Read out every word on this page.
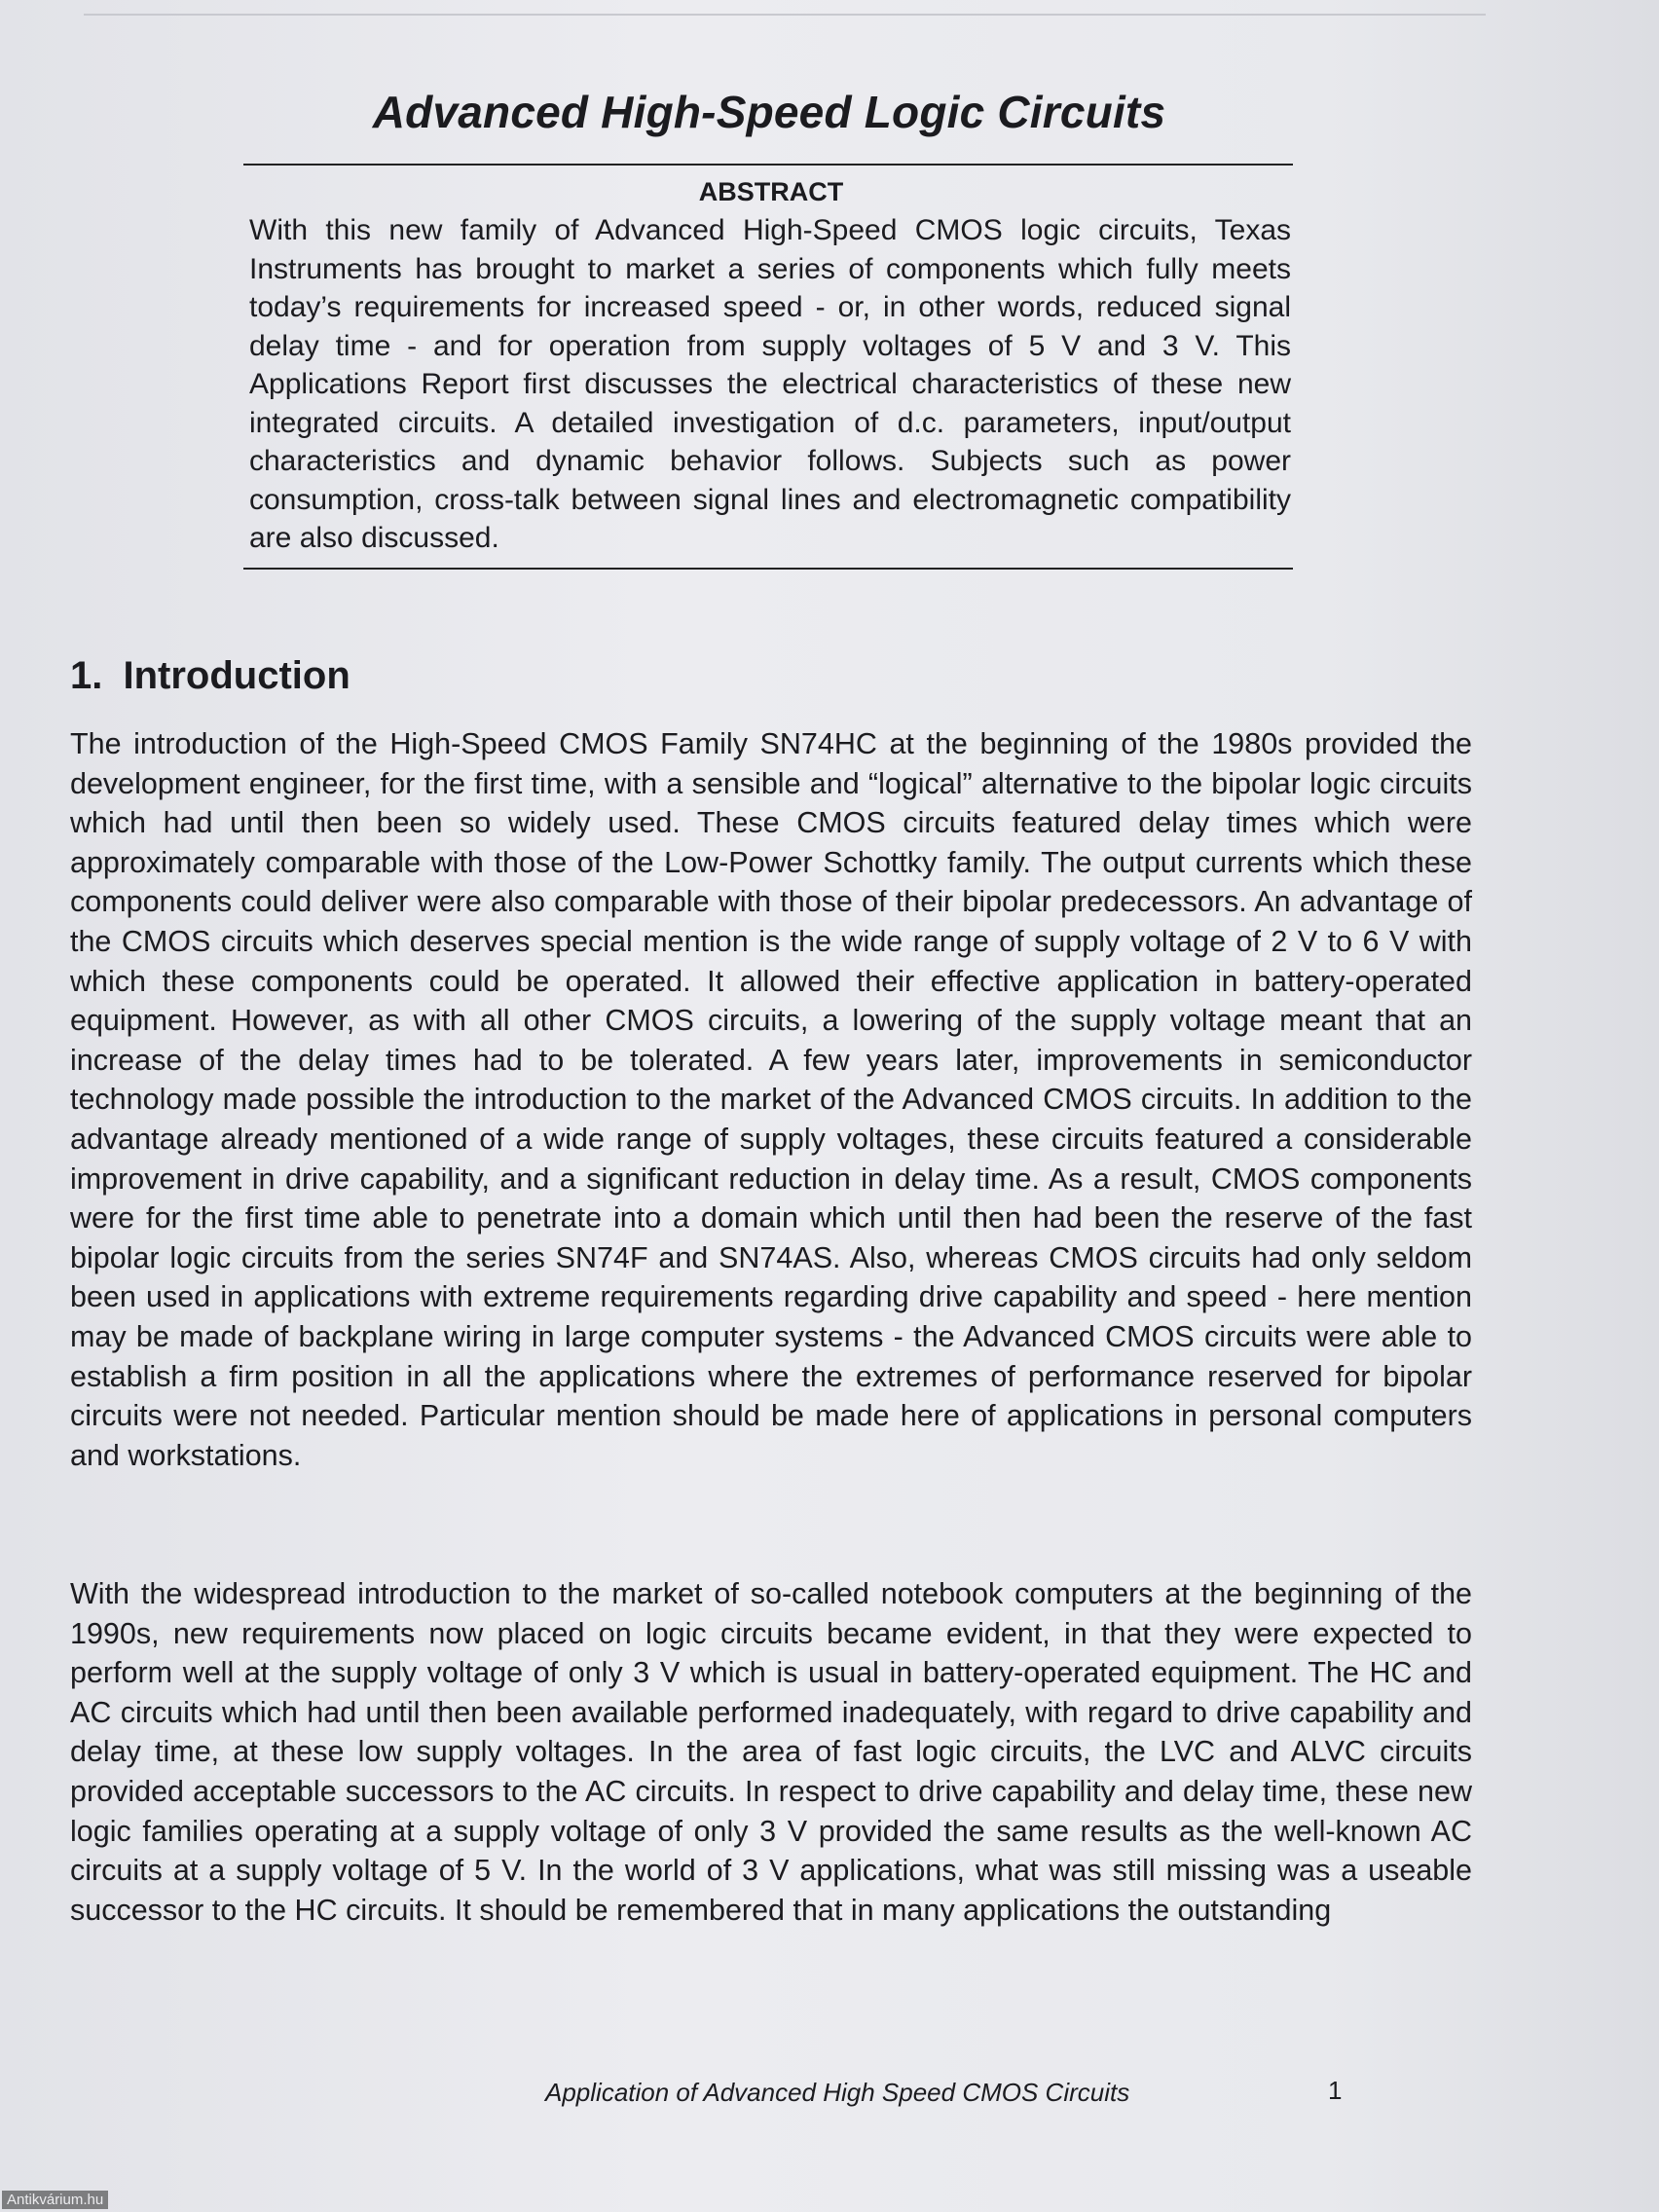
Advanced High-Speed Logic Circuits
ABSTRACT
With this new family of Advanced High-Speed CMOS logic circuits, Texas Instruments has brought to market a series of components which fully meets today’s requirements for increased speed - or, in other words, reduced signal delay time - and for operation from supply voltages of 5 V and 3 V. This Applications Report first discusses the electrical characteristics of these new integrated circuits. A detailed investigation of d.c. parameters, input/output characteristics and dynamic behavior follows. Subjects such as power consumption, cross-talk between signal lines and electromagnetic compatibility are also discussed.
1. Introduction

The introduction of the High-Speed CMOS Family SN74HC at the beginning of the 1980s provided the development engineer, for the first time, with a sensible and “logical” alternative to the bipolar logic circuits which had until then been so widely used. These CMOS circuits featured delay times which were approximately comparable with those of the Low-Power Schottky family. The output currents which these components could deliver were also comparable with those of their bipolar predecessors. An advantage of the CMOS circuits which deserves special mention is the wide range of supply voltage of 2 V to 6 V with which these components could be operated. It allowed their effective application in battery-operated equipment. However, as with all other CMOS circuits, a lowering of the supply voltage meant that an increase of the delay times had to be tolerated. A few years later, improvements in semiconductor technology made possible the introduction to the market of the Advanced CMOS circuits. In addition to the advantage already mentioned of a wide range of supply voltages, these circuits featured a considerable improvement in drive capability, and a significant reduction in delay time. As a result, CMOS components were for the first time able to penetrate into a domain which until then had been the reserve of the fast bipolar logic circuits from the series SN74F and SN74AS. Also, whereas CMOS circuits had only seldom been used in applications with extreme requirements regarding drive capability and speed - here mention may be made of backplane wiring in large computer systems - the Advanced CMOS circuits were able to establish a firm position in all the applications where the extremes of performance reserved for bipolar circuits were not needed. Particular mention should be made here of applications in personal computers and workstations.

With the widespread introduction to the market of so-called notebook computers at the beginning of the 1990s, new requirements now placed on logic circuits became evident, in that they were expected to perform well at the supply voltage of only 3 V which is usual in battery-operated equipment. The HC and AC circuits which had until then been available performed inadequately, with regard to drive capability and delay time, at these low supply voltages. In the area of fast logic circuits, the LVC and ALVC circuits provided acceptable successors to the AC circuits. In respect to drive capability and delay time, these new logic families operating at a supply voltage of only 3 V provided the same results as the well-known AC circuits at a supply voltage of 5 V. In the world of 3 V applications, what was still missing was a useable successor to the HC circuits. It should be remembered that in many applications the outstanding

Application of Advanced High Speed CMOS Circuits	1
Antikvárium.hu
